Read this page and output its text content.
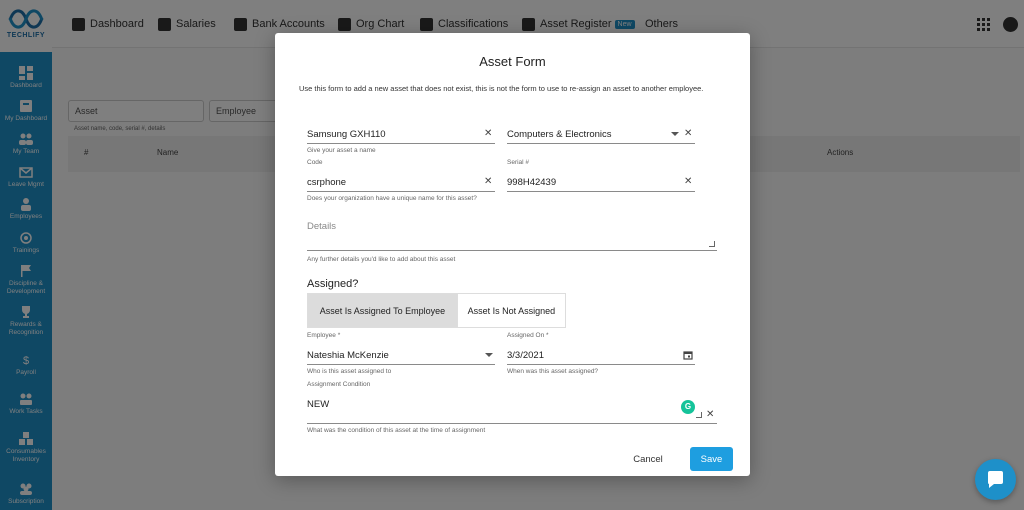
Asset Form
Use this form to add a new asset that does not exist, this is not the form to use to re-assign an asset to another employee.
Samsung GXH110	✕
Give your asset a name
Computers & Electronics	✕
Code
csrphone	✕
Does your organization have a unique name for this asset?
Serial #
998H42439	✕
Details
Any further details you'd like to add about this asset
Assigned?
Asset Is Assigned To Employee	Asset Is Not Assigned
Employee *
Nateshia McKenzie
Who is this asset assigned to
Assigned On *
3/3/2021
When was this asset assigned?
Assignment Condition
NEW
✕
What was the condition of this asset at the time of assignment
G
Cancel	Save
